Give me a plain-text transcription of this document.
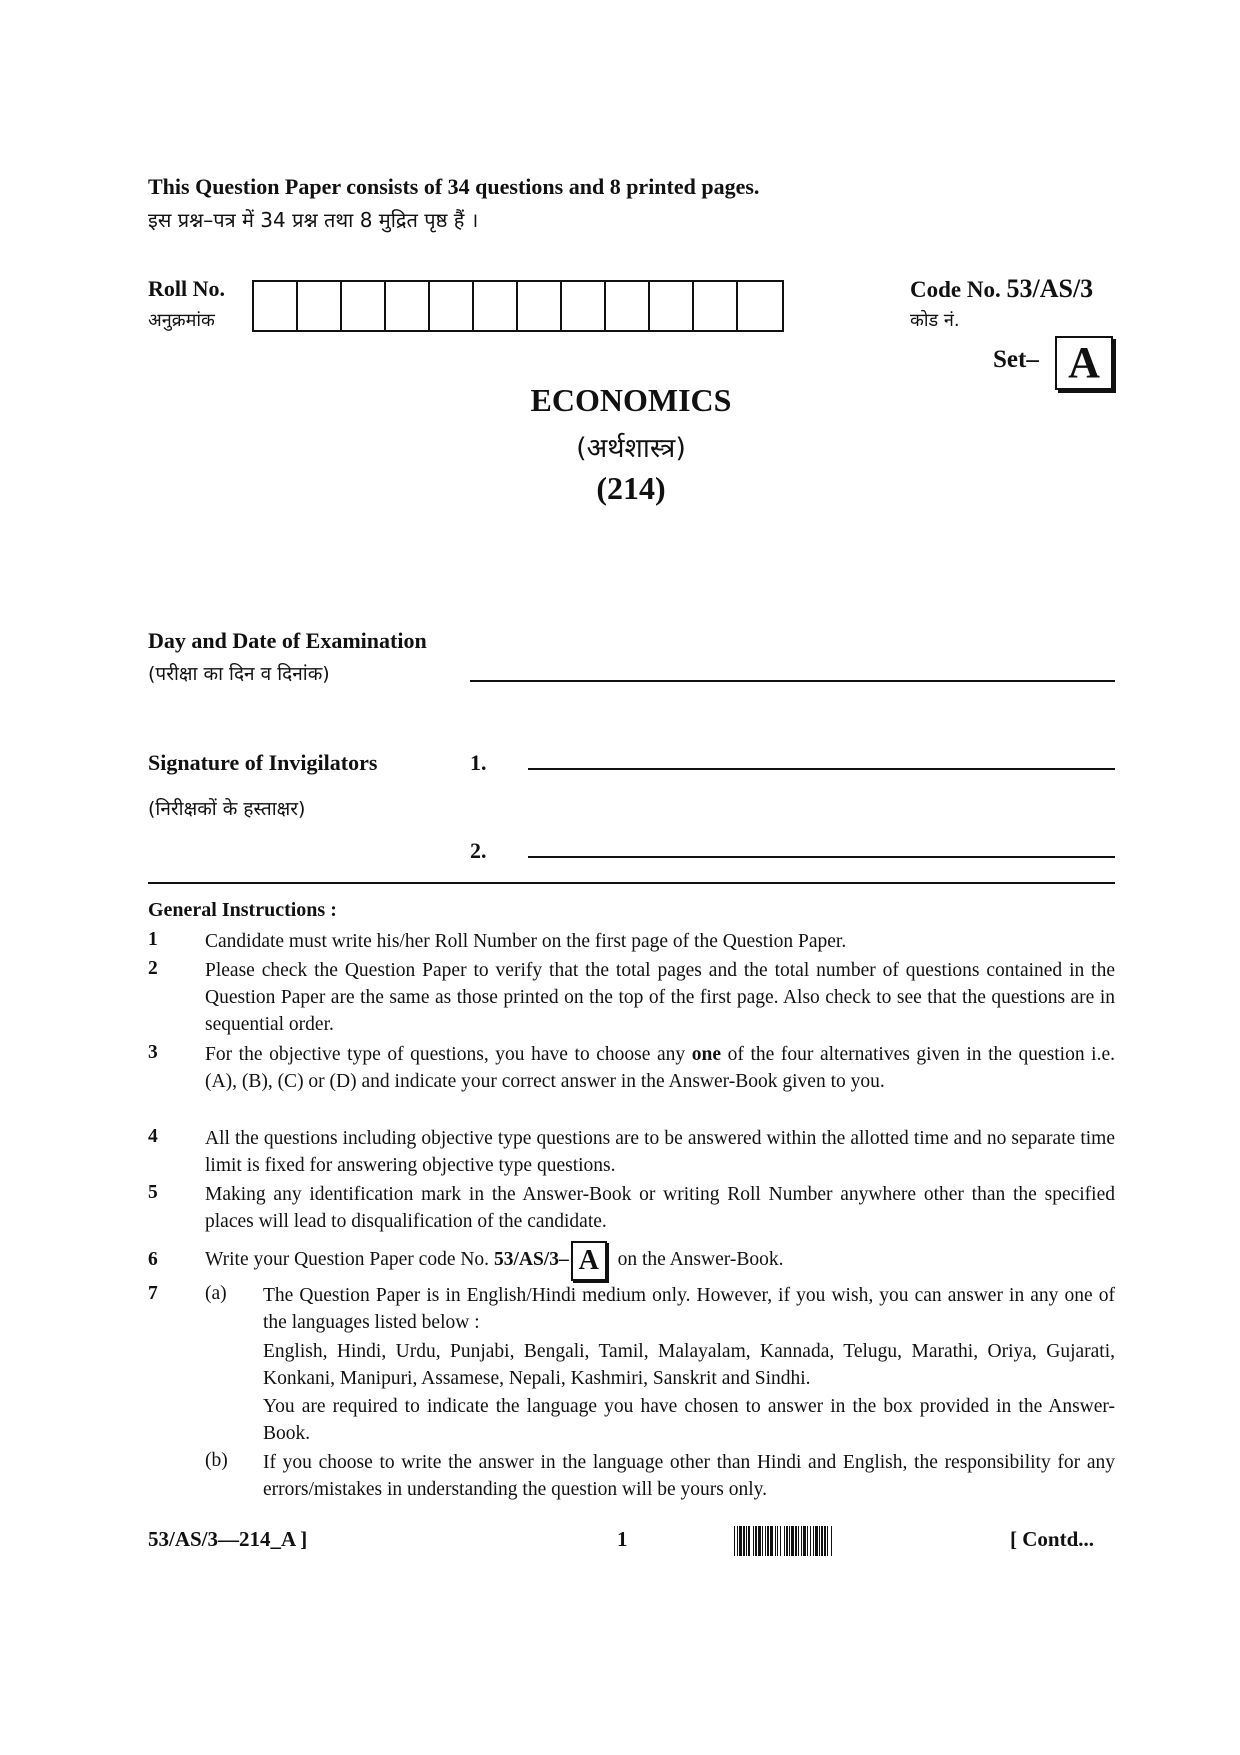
This Question Paper consists of 34 questions and 8 printed pages.
इस प्रश्न–पत्र में 34 प्रश्न तथा 8 मुद्रित पृष्ठ हैं ।
Roll No.
अनुक्रमांक
Code No. 53/AS/3
कोड नं.
Set– A
ECONOMICS
(अर्थशास्त्र)
(214)
Day and Date of Examination
(परीक्षा का दिन व दिनांक)
Signature of Invigilators
(निरीक्षकों के हस्ताक्षर)
1.
2.
General Instructions :
1 Candidate must write his/her Roll Number on the first page of the Question Paper.
2 Please check the Question Paper to verify that the total pages and the total number of questions contained in the Question Paper are the same as those printed on the top of the first page. Also check to see that the questions are in sequential order.
3 For the objective type of questions, you have to choose any one of the four alternatives given in the question i.e. (A), (B), (C) or (D) and indicate your correct answer in the Answer-Book given to you.
4 All the questions including objective type questions are to be answered within the allotted time and no separate time limit is fixed for answering objective type questions.
5 Making any identification mark in the Answer-Book or writing Roll Number anywhere other than the specified places will lead to disqualification of the candidate.
6 Write your Question Paper code No. 53/AS/3– A on the Answer-Book.
7 (a) The Question Paper is in English/Hindi medium only. However, if you wish, you can answer in any one of the languages listed below :
English, Hindi, Urdu, Punjabi, Bengali, Tamil, Malayalam, Kannada, Telugu, Marathi, Oriya, Gujarati, Konkani, Manipuri, Assamese, Nepali, Kashmiri, Sanskrit and Sindhi.
You are required to indicate the language you have chosen to answer in the box provided in the Answer-Book.
(b) If you choose to write the answer in the language other than Hindi and English, the responsibility for any errors/mistakes in understanding the question will be yours only.
53/AS/3—214_A ]	1	[ Contd...
